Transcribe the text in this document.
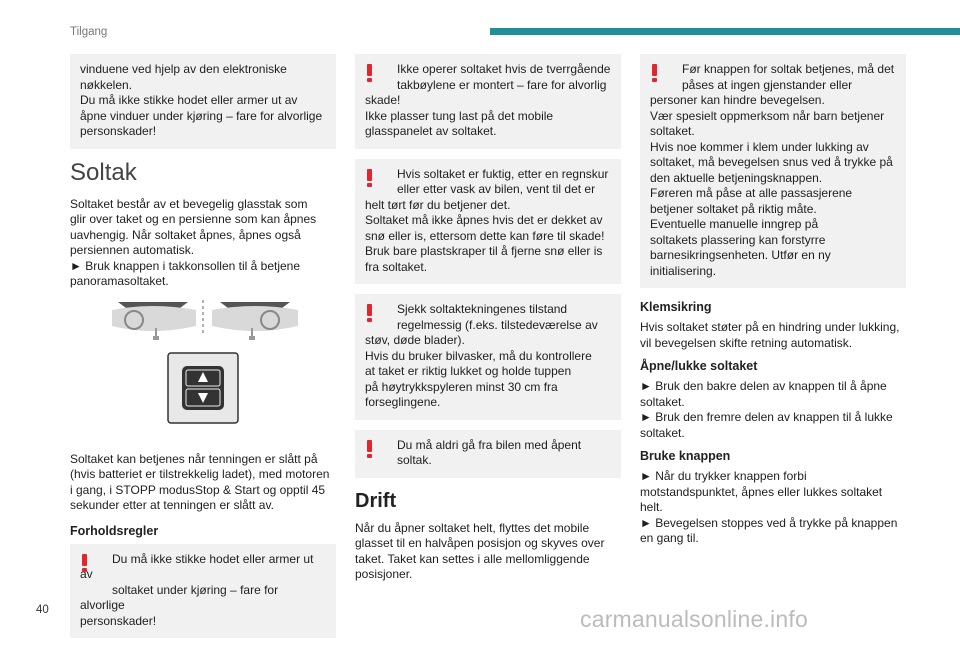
Tilgang
vinduene ved hjelp av den elektroniske
nøkkelen.
Du må ikke stikke hodet eller armer ut av
åpne vinduer under kjøring – fare for alvorlige
personskader!
Soltak
Soltaket består av et bevegelig glasstak som
glir over taket og en persienne som kan åpnes
uavhengig. Når soltaket åpnes, åpnes også
persiennen automatisk.
► Bruk knappen i takkonsollen til å betjene
panoramasoltaket.
Soltaket kan betjenes når tenningen er slått på
(hvis batteriet er tilstrekkelig ladet), med motoren
i gang, i STOPP modusStop & Start og opptil 45
sekunder etter at tenningen er slått av.
Forholdsregler
Du må ikke stikke hodet eller armer ut av
soltaket under kjøring – fare for alvorlige
personskader!
Ikke operer soltaket hvis de tverrgående
takbøylene er montert – fare for alvorlig
skade!
Ikke plasser tung last på det mobile
glasspanelet av soltaket.
Hvis soltaket er fuktig, etter en regnskur
eller etter vask av bilen, vent til det er
helt tørt før du betjener det.
Soltaket må ikke åpnes hvis det er dekket av
snø eller is, ettersom dette kan føre til skade!
Bruk bare plastskraper til å fjerne snø eller is
fra soltaket.
Sjekk soltaktekningenes tilstand
regelmessig (f.eks. tilstedeværelse av
støv, døde blader).
Hvis du bruker bilvasker, må du kontrollere
at taket er riktig lukket og holde tuppen
på høytrykkspyleren minst 30 cm fra
forseglingene.
Du må aldri gå fra bilen med åpent
soltak.
Drift
Når du åpner soltaket helt, flyttes det mobile
glasset til en halvåpen posisjon og skyves over
taket. Taket kan settes i alle mellomliggende
posisjoner.
Før knappen for soltak betjenes, må det
påses at ingen gjenstander eller
personer kan hindre bevegelsen.
Vær spesielt oppmerksom når barn betjener
soltaket.
Hvis noe kommer i klem under lukking av
soltaket, må bevegelsen snus ved å trykke på
den aktuelle betjeningsknappen.
Føreren må påse at alle passasjerene
betjener soltaket på riktig måte.
Eventuelle manuelle inngrep på
soltakets plassering kan forstyrre
barnesikringsenheten. Utfør en ny
initialisering.
Klemsikring
Hvis soltaket støter på en hindring under lukking,
vil bevegelsen skifte retning automatisk.
Åpne/lukke soltaket
► Bruk den bakre delen av knappen til å åpne
soltaket.
► Bruk den fremre delen av knappen til å lukke
soltaket.
Bruke knappen
► Når du trykker knappen forbi
motstandspunktet, åpnes eller lukkes soltaket
helt.
► Bevegelsen stoppes ved å trykke på knappen
en gang til.
40	carmanualsonline.info
